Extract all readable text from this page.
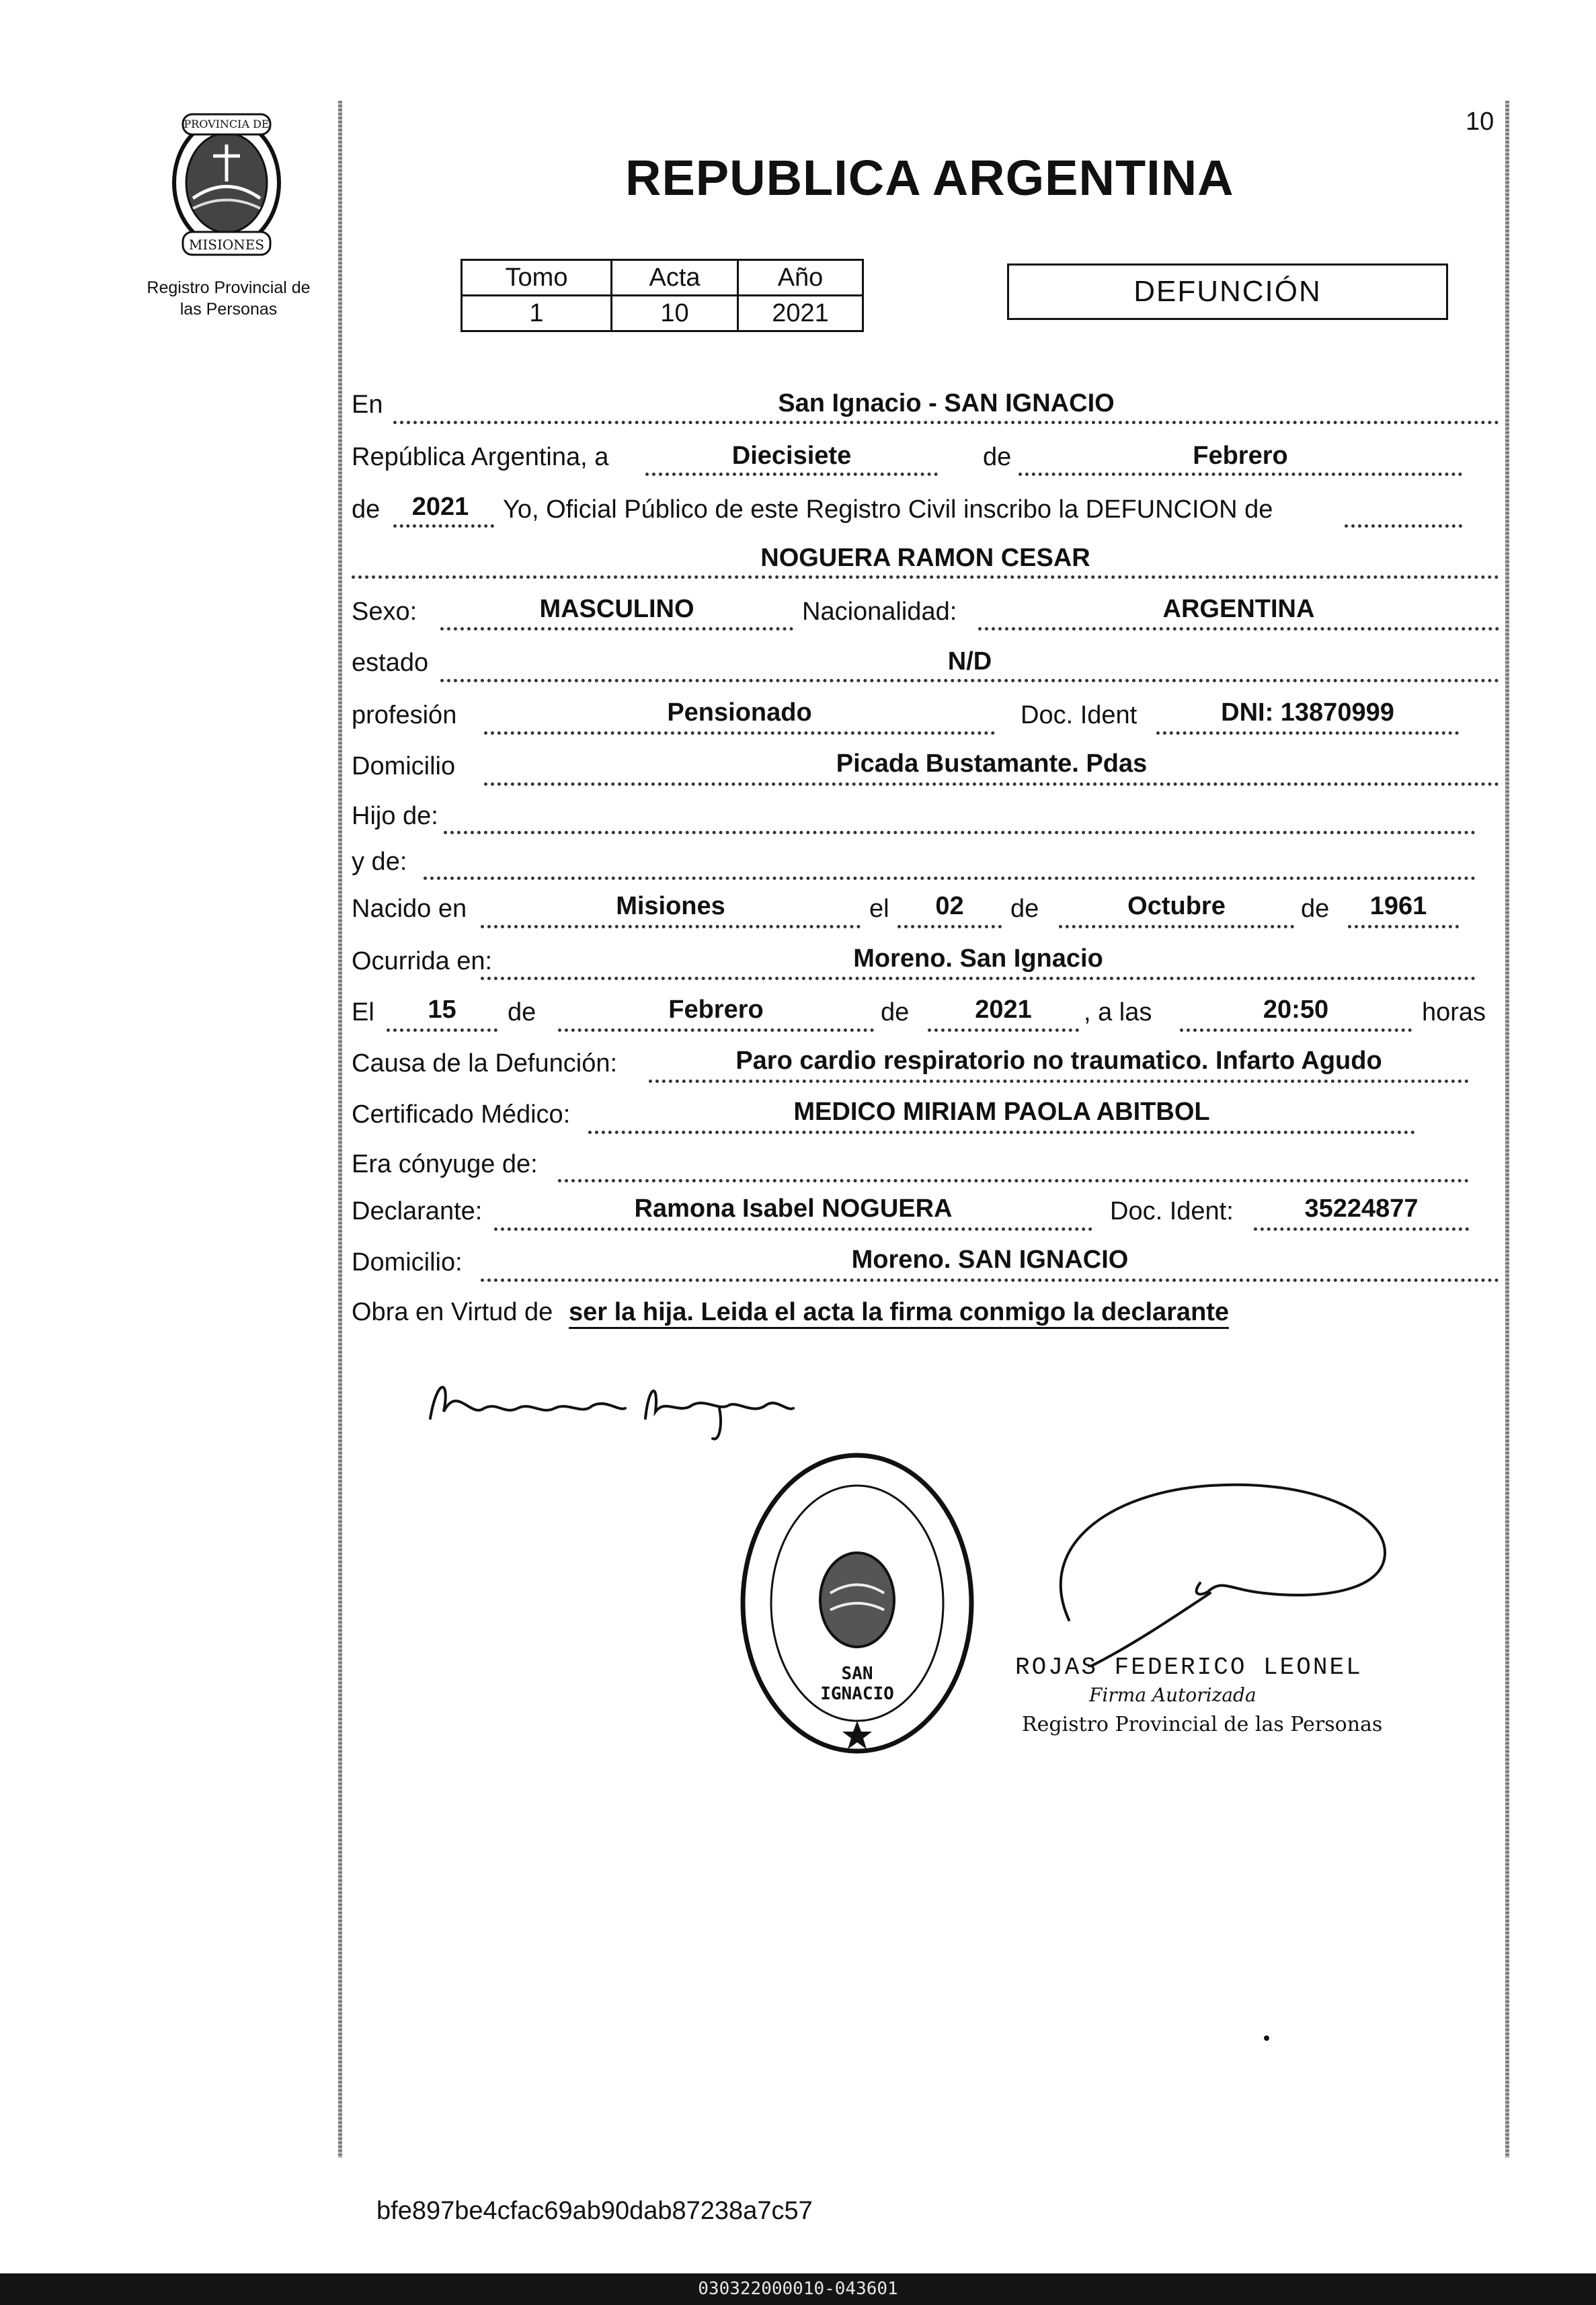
10
PROVINCIA DE
MISIONES
Registro Provincial de
las Personas
REPUBLICA ARGENTINA
Tomo	Acta	Año
1	10	2021
DEFUNCIÓN
En	San Ignacio - SAN IGNACIO
República Argentina, a	Diecisiete	de	Febrero
de	2021	Yo, Oficial Público de este Registro Civil inscribo la DEFUNCION de
NOGUERA RAMON CESAR
Sexo:	MASCULINO	Nacionalidad:	ARGENTINA
estado	N/D
profesión	Pensionado	Doc. Ident	DNI: 13870999
Domicilio	Picada Bustamante. Pdas
Hijo de:
y de:
Nacido en	Misiones	el	02	de	Octubre	de	1961
Ocurrida en:	Moreno. San Ignacio
El	15	de	Febrero	de	2021	, a las	20:50	horas
Causa de la Defunción:	Paro cardio respiratorio no traumatico. Infarto Agudo
Certificado Médico:	MEDICO MIRIAM PAOLA ABITBOL
Era cónyuge de:
Declarante:	Ramona Isabel NOGUERA	Doc. Ident:	35224877
Domicilio:	Moreno. SAN IGNACIO
Obra en Virtud de ser la hija. Leida el acta la firma conmigo la declarante
SAN IGNACIO
ROJAS FEDERICO LEONEL
Firma Autorizada
Registro Provincial de las Personas
bfe897be4cfac69ab90dab87238a7c57
030322000010-043601
